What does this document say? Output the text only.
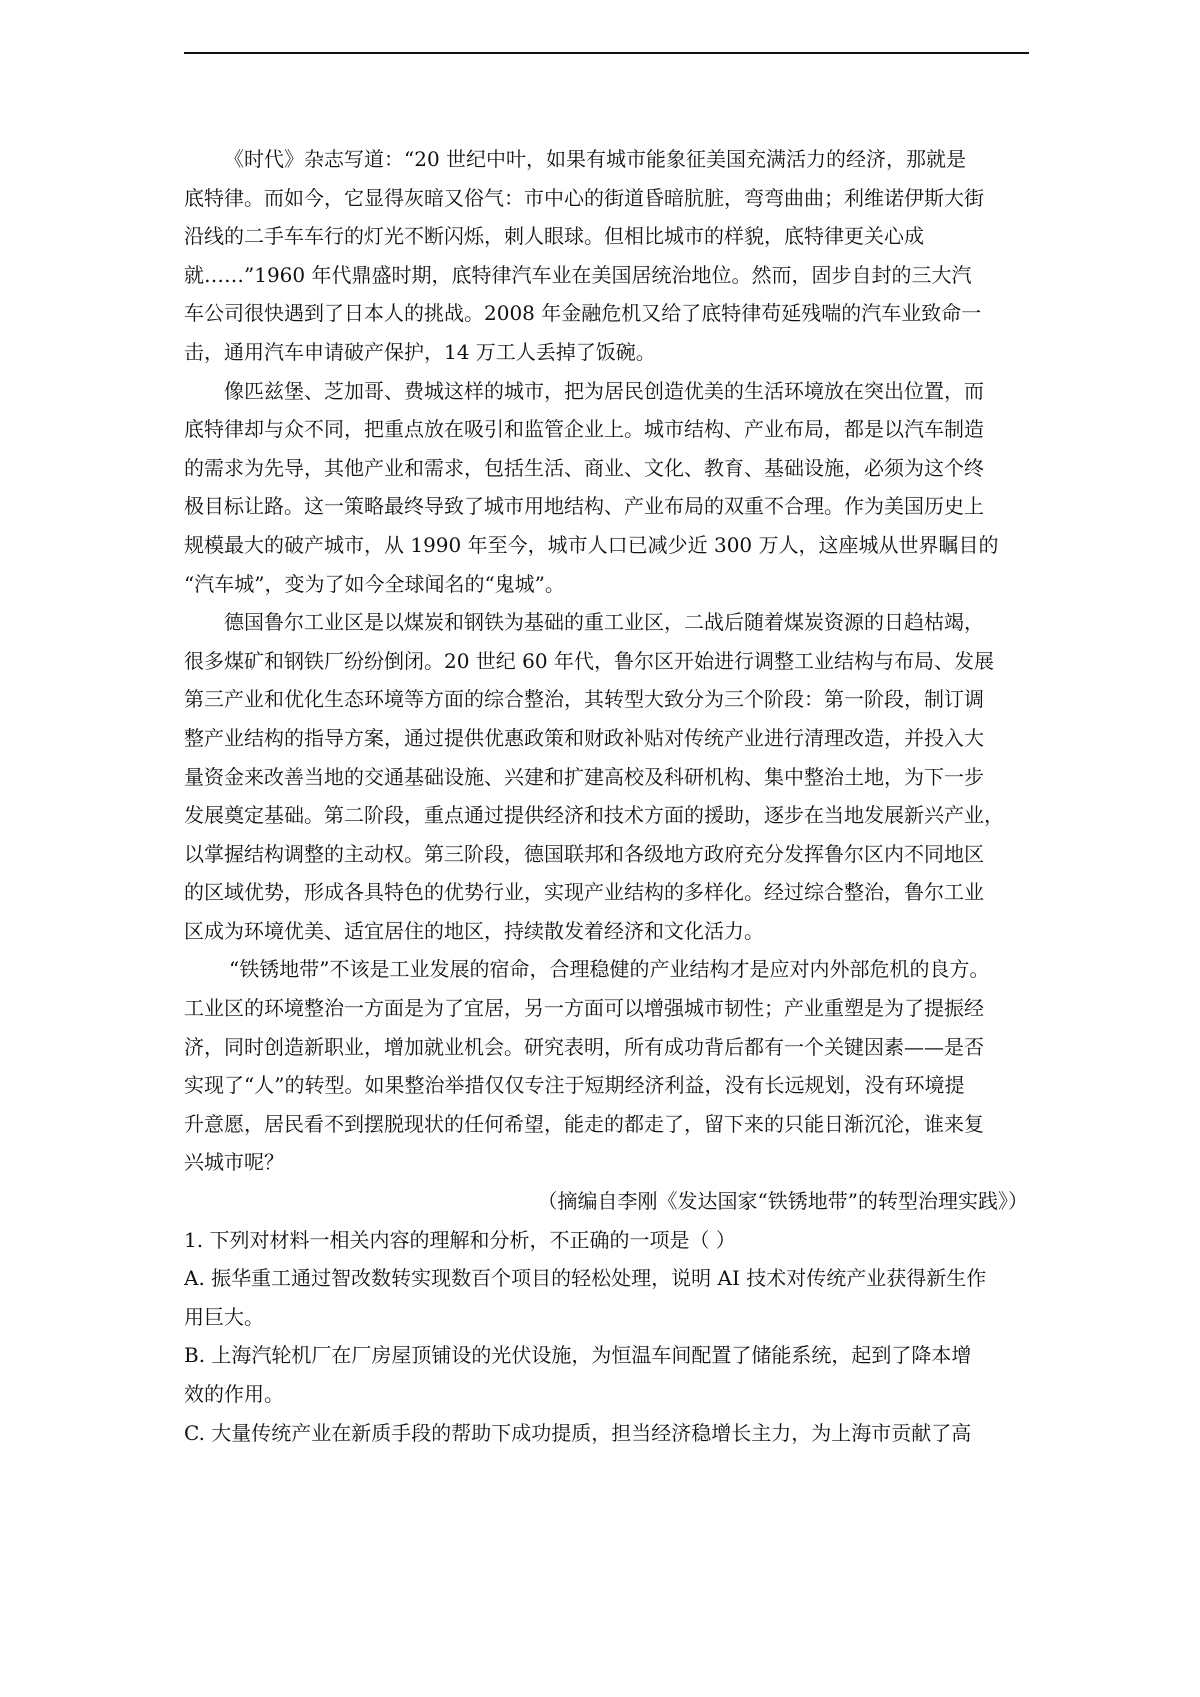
《时代》杂志写道：“20 世纪中叶，如果有城市能象征美国充满活力的经济，那就是
底特律。而如今，它显得灰暗又俗气：市中心的街道昏暗肮脏，弯弯曲曲；利维诺伊斯大街
沿线的二手车车行的灯光不断闪烁，刺人眼球。但相比城市的样貌，底特律更关心成
就……”1960 年代鼎盛时期，底特律汽车业在美国居统治地位。然而，固步自封的三大汽
车公司很快遇到了日本人的挑战。2008 年金融危机又给了底特律苟延残喘的汽车业致命一
击，通用汽车申请破产保护，14 万工人丢掉了饭碗。
像匹兹堡、芝加哥、费城这样的城市，把为居民创造优美的生活环境放在突出位置，而
底特律却与众不同，把重点放在吸引和监管企业上。城市结构、产业布局，都是以汽车制造
的需求为先导，其他产业和需求，包括生活、商业、文化、教育、基础设施，必须为这个终
极目标让路。这一策略最终导致了城市用地结构、产业布局的双重不合理。作为美国历史上
规模最大的破产城市，从 1990 年至今，城市人口已减少近 300 万人，这座城从世界瞩目的
“汽车城”，变为了如今全球闻名的“鬼城”。
德国鲁尔工业区是以煤炭和钢铁为基础的重工业区，二战后随着煤炭资源的日趋枯竭，
很多煤矿和钢铁厂纷纷倒闭。20 世纪 60 年代，鲁尔区开始进行调整工业结构与布局、发展
第三产业和优化生态环境等方面的综合整治，其转型大致分为三个阶段：第一阶段，制订调
整产业结构的指导方案，通过提供优惠政策和财政补贴对传统产业进行清理改造，并投入大
量资金来改善当地的交通基础设施、兴建和扩建高校及科研机构、集中整治土地，为下一步
发展奠定基础。第二阶段，重点通过提供经济和技术方面的援助，逐步在当地发展新兴产业，
以掌握结构调整的主动权。第三阶段，德国联邦和各级地方政府充分发挥鲁尔区内不同地区
的区域优势，形成各具特色的优势行业，实现产业结构的多样化。经过综合整治，鲁尔工业
区成为环境优美、适宜居住的地区，持续散发着经济和文化活力。
“铁锈地带”不该是工业发展的宿命，合理稳健的产业结构才是应对内外部危机的良方。
工业区的环境整治一方面是为了宜居，另一方面可以增强城市韧性；产业重塑是为了提振经
济，同时创造新职业，增加就业机会。研究表明，所有成功背后都有一个关键因素——是否
实现了“人”的转型。如果整治举措仅仅专注于短期经济利益，没有长远规划，没有环境提
升意愿，居民看不到摆脱现状的任何希望，能走的都走了，留下来的只能日渐沉沦，谁来复
兴城市呢？
（摘编自李刚《发达国家“铁锈地带”的转型治理实践》）
1. 下列对材料一相关内容的理解和分析，不正确的一项是（ ）
A. 振华重工通过智改数转实现数百个项目的轻松处理，说明 AI 技术对传统产业获得新生作
用巨大。
B. 上海汽轮机厂在厂房屋顶铺设的光伏设施，为恒温车间配置了储能系统，起到了降本增
效的作用。
C. 大量传统产业在新质手段的帮助下成功提质，担当经济稳增长主力，为上海市贡献了高
